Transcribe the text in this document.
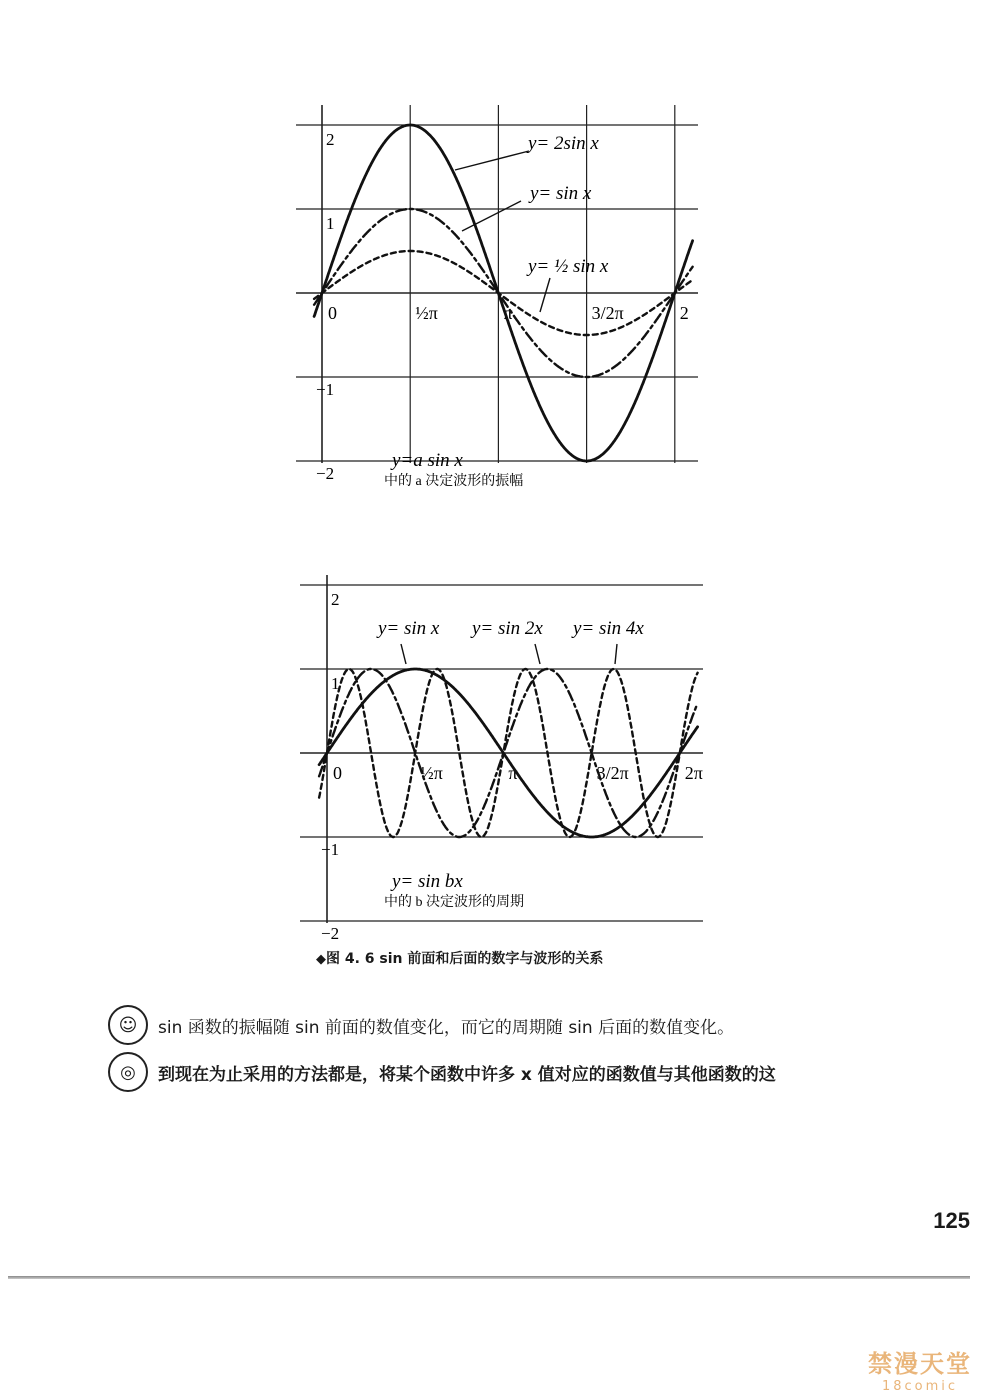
2
1
−1
−2
0	½π	π	3/2π	2
y= 2sin x
y= sin x
y= ½ sin x
y=a sin x
中的 a 决定波形的振幅
2
1
−1
−2
0	½π	π	3/2π	2π
y= sin x y= sin 2x y= sin 4x
y= sin bx
中的 b 决定波形的周期
◆图 4. 6 sin 前面和后面的数字与波形的关系
☺	sin 函数的振幅随 sin 前面的数值变化，而它的周期随 sin 后面的数值变化。
◎	到现在为止采用的方法都是，将某个函数中许多 x 值对应的函数值与其他函数的这
125
禁漫天堂
18comic
